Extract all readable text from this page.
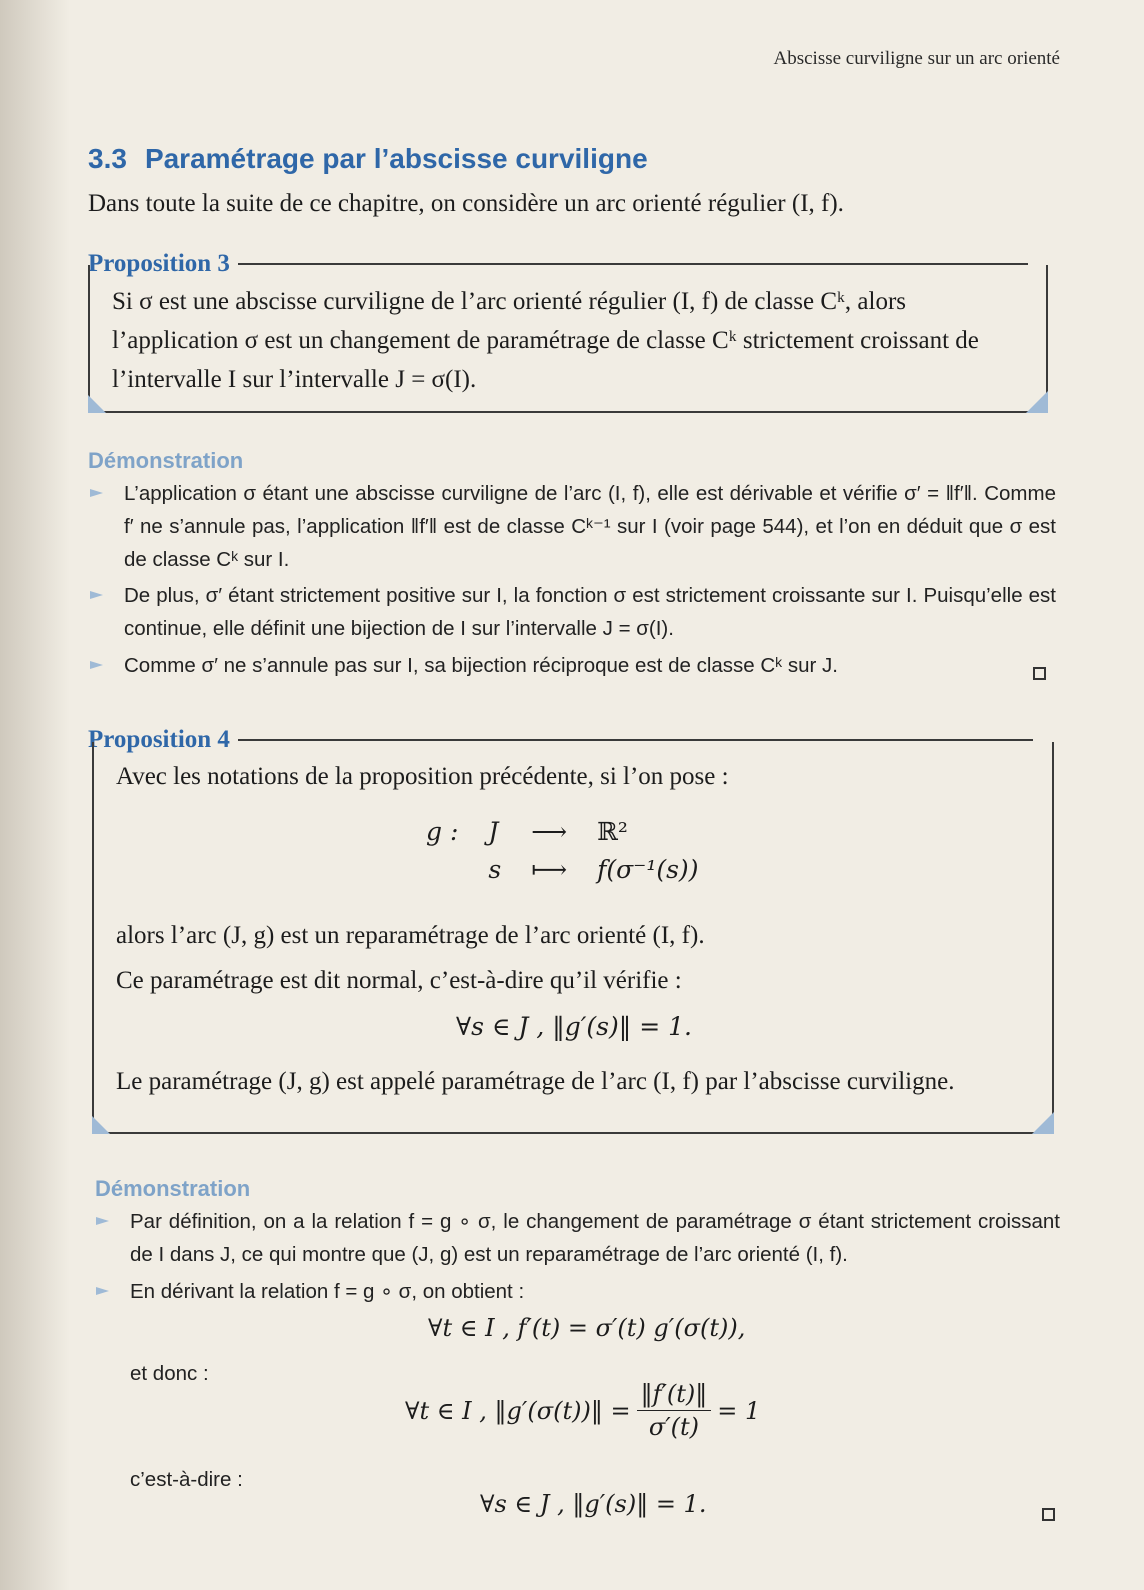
Abscisse curviligne sur un arc orienté
3.3 Paramétrage par l’abscisse curviligne
Dans toute la suite de ce chapitre, on considère un arc orienté régulier (I, f).
Proposition 3

Si σ est une abscisse curviligne de l’arc orienté régulier (I, f) de classe Cᵏ, alors l’application σ est un changement de paramétrage de classe Cᵏ strictement croissant de l’intervalle I sur l’intervalle J = σ(I).

Démonstration
L’application σ étant une abscisse curviligne de l’arc (I, f), elle est dérivable et vérifie σ′ = ‖f′‖. Comme f′ ne s’annule pas, l’application ‖f′‖ est de classe Cᵏ⁻¹ sur I (voir page 544), et l’on en déduit que σ est de classe Cᵏ sur I.
De plus, σ′ étant strictement positive sur I, la fonction σ est strictement croissante sur I. Puisqu’elle est continue, elle définit une bijection de I sur l’intervalle J = σ(I).
Comme σ′ ne s’annule pas sur I, sa bijection réciproque est de classe Cᵏ sur J.
Proposition 4

Avec les notations de la proposition précédente, si l’on pose :

alors l’arc (J, g) est un reparamétrage de l’arc orienté (I, f).

Ce paramétrage est dit normal, c’est-à-dire qu’il vérifie :

∀s ∈ J , ‖g′(s)‖ = 1.

Le paramétrage (J, g) est appelé paramétrage de l’arc (I, f) par l’abscisse curviligne.

g :	J	⟶	ℝ²
	s	⟼	f(σ⁻¹(s))
Démonstration
Par définition, on a la relation f = g ∘ σ, le changement de paramétrage σ étant strictement croissant de I dans J, ce qui montre que (J, g) est un reparamétrage de l’arc orienté (I, f).
En dérivant la relation f = g ∘ σ, on obtient :
∀t ∈ I , f′(t) = σ′(t) g′(σ(t)),
et donc :
∀t ∈ I , ‖g′(σ(t))‖ = $\frac{‖f'(t)‖}{\sigma'(t)} = 1$
c’est-à-dire :
∀s ∈ J , ‖g′(s)‖ = 1.
